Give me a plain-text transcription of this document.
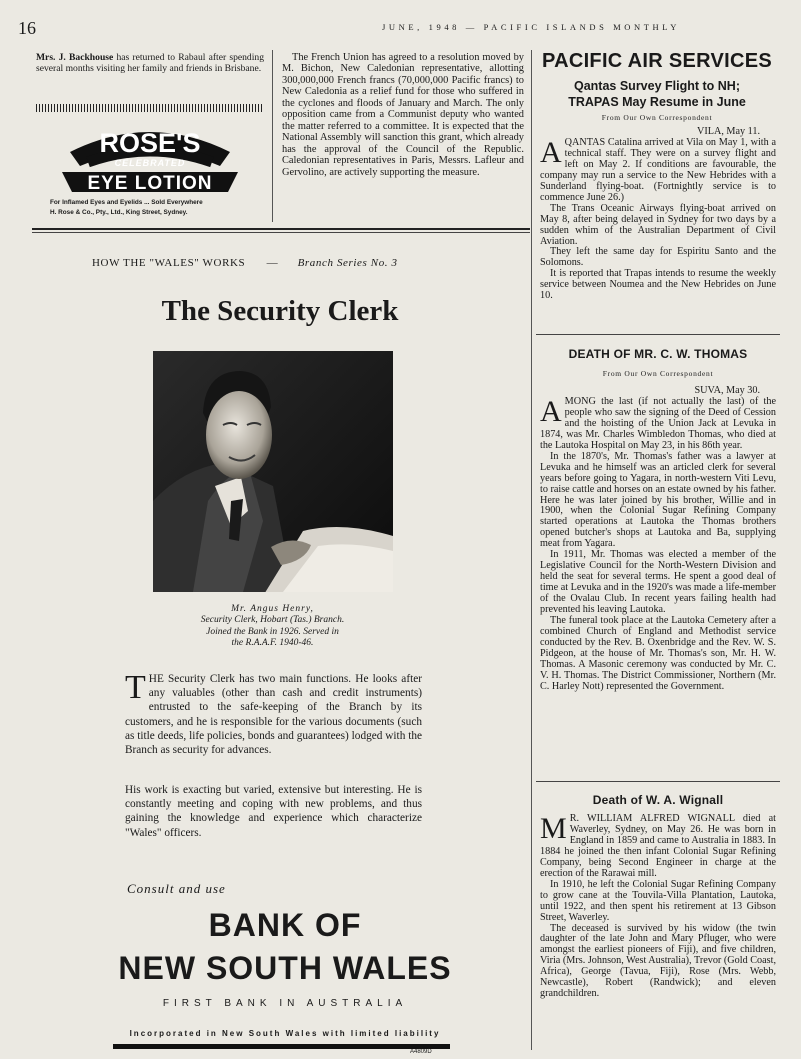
16	JUNE, 1948 — PACIFIC ISLANDS MONTHLY
Mrs. J. Backhouse has returned to Rabaul after spending several months visiting her family and friends in Brisbane.
ROSE'S
CELEBRATED
EYE LOTION
For Inflamed Eyes and Eyelids ... Sold Everywhere
H. Rose & Co., Pty., Ltd., King Street, Sydney.
The French Union has agreed to a resolution moved by M. Bichon, New Caledonian representative, allotting 300,000,000 French francs (70,000,000 Pacific francs) to New Caledonia as a relief fund for those who suffered in the cyclones and floods of January and March. The only opposition came from a Communist deputy who wanted the matter referred to a committee. It is expected that the National Assembly will sanction this grant, which already has the approval of the Council of the Republic. Caledonian representatives in Paris, Messrs. Lafleur and Gervolino, are actively supporting the measure.
PACIFIC AIR SERVICES
Qantas Survey Flight to NH;
TRAPAS May Resume in June
From Our Own Correspondent
VILA, May 11.

AQANTAS Catalina arrived at Vila on May 1, with a technical staff. They were on a survey flight and left on May 2. If conditions are favourable, the company may run a service to the New Hebrides with a Sunderland flying-boat. (Fortnightly service is to commence June 26.)

The Trans Oceanic Airways flying-boat arrived on May 8, after being delayed in Sydney for two days by a sudden whim of the Australian Department of Civil Aviation.

They left the same day for Espiritu Santo and the Solomons.

It is reported that Trapas intends to resume the weekly service between Noumea and the New Hebrides on June 10.

DEATH OF MR. C. W. THOMAS
From Our Own Correspondent
SUVA, May 30.

AMONG the last (if not actually the last) of the people who saw the signing of the Deed of Cession and the hoisting of the Union Jack at Levuka in 1874, was Mr. Charles Wimbledon Thomas, who died at the Lautoka Hospital on May 23, in his 86th year.

In the 1870's, Mr. Thomas's father was a lawyer at Levuka and he himself was an articled clerk for several years before going to Yagara, in north-western Viti Levu, to raise cattle and horses on an estate owned by his father. Here he was later joined by his brother, Willie and in 1900, when the Colonial Sugar Refining Company started operations at Lautoka the Thomas brothers opened butcher's shops at Lautoka and Ba, supplying meat from Yagara.

In 1911, Mr. Thomas was elected a member of the Legislative Council for the North-Western Division and held the seat for several terms. He spent a good deal of time at Levuka and in the 1920's was made a life-member of the Ovalau Club. In recent years failing health had prevented his leaving Lautoka.

The funeral took place at the Lautoka Cemetery after a combined Church of England and Methodist service conducted by the Rev. B. Oxenbridge and the Rev. W. S. Pidgeon, at the house of Mr. Thomas's son, Mr. H. W. Thomas. A Masonic ceremony was conducted by Mr. C. V. H. Thomas. The District Commissioner, Northern (Mr. C. Harley Nott) represented the Government.

Death of W. A. Wignall

M R. WILLIAM ALFRED WIGNALL died at Waverley, Sydney, on May 26. He was born in England in 1859 and came to Australia in 1883. In 1884 he joined the then infant Colonial Sugar Refining Company, being Second Engineer in charge at the erection of the Rarawai mill.

In 1910, he left the Colonial Sugar Refining Company to grow cane at the Touvila-Villa Plantation, Lautoka, until 1922, and then spent his retirement at 13 Gibson Street, Waverley.

The deceased is survived by his widow (the twin daughter of the late John and Mary Pfluger, who were amongst the earliest pioneers of Fiji), and five children, Viria (Mrs. Johnson, West Australia), Trevor (Gold Coast, Africa), George (Tavua, Fiji), Rose (Mrs. Webb, Newcastle), Robert (Randwick); and eleven grandchildren.

HOW THE "WALES" WORKS — Branch Series No. 3
The Security Clerk
Mr. Angus Henry,
Security Clerk, Hobart (Tas.) Branch.
Joined the Bank in 1926. Served in
the R.A.A.F. 1940-46.
THE Security Clerk has two main functions. He looks after any valuables (other than cash and credit instruments) entrusted to the safe-keeping of the Branch by its customers, and he is responsible for the various documents (such as title deeds, life policies, bonds and guarantees) lodged with the Branch as security for advances.
His work is exacting but varied, extensive but interesting. He is constantly meeting and coping with new problems, and thus gaining the knowledge and experience which characterize "Wales" officers.
Consult and use
BANK OF
NEW SOUTH WALES
FIRST BANK IN AUSTRALIA
Incorporated in New South Wales with limited liability
A4809D
